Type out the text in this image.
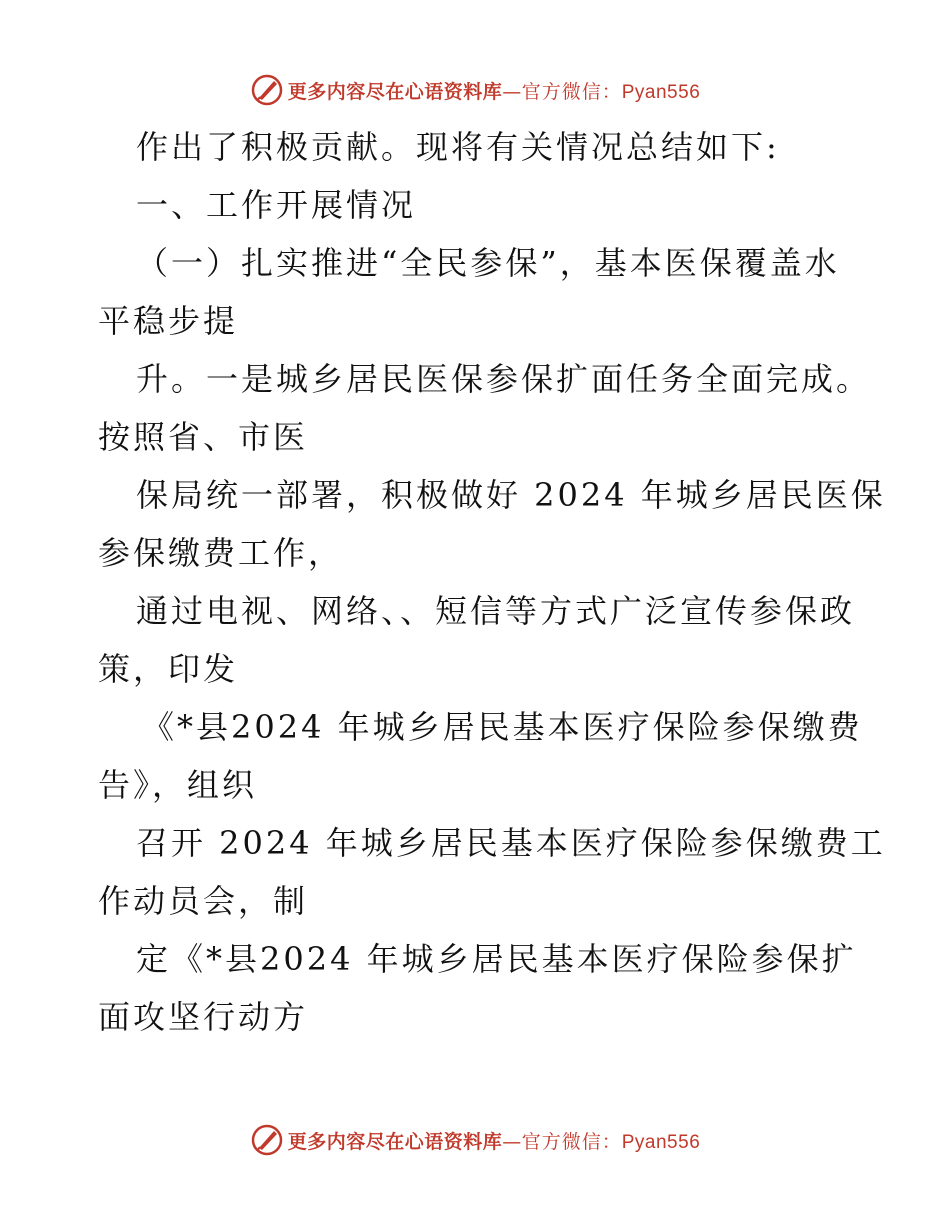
更多内容尽在心语资料库—官方微信：Pyan556
作出了积极贡献。现将有关情况总结如下:
一、工作开展情况
（一）扎实推进“全民参保”，基本医保覆盖水
平稳步提
升。一是城乡居民医保参保扩面任务全面完成。
按照省、市医
保局统一部署，积极做好 2024 年城乡居民医保
参保缴费工作，
通过电视、网络、、短信等方式广泛宣传参保政
策，印发
《*县2024 年城乡居民基本医疗保险参保缴费
告》，组织
召开 2024 年城乡居民基本医疗保险参保缴费工
作动员会，制
定《*县2024 年城乡居民基本医疗保险参保扩
面攻坚行动方
更多内容尽在心语资料库—官方微信：Pyan556
